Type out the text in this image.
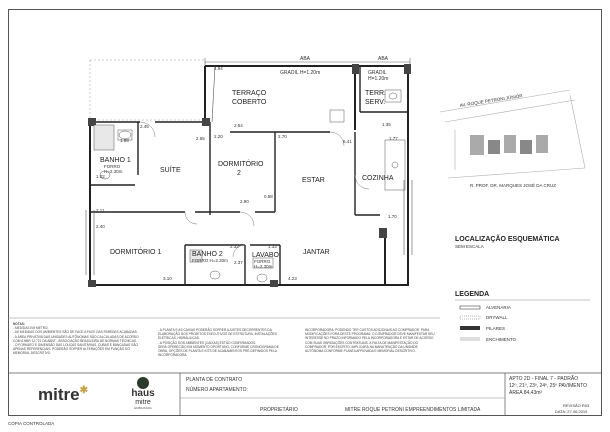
TERRAÇO
COBERTO
TERR.
SERV.
SUÍTE
DORMITÓRIO
2
ESTAR	COZINHA
DORMITÓRIO 1	JANTAR
BANHO 1
BANHO 2	LAVABO
ABA	ABA
GRADIL H=1.20m	GRADIL
H=1.20m
FORRO
H=2.30m
FORRO H=2.30m	FORRO
H=2.30m
4.94
2.45
2.65 2.20
2.54
2.70
5.41
1.77
1.35
2.11
2.90
1.70
2.40
3.10
2.32	1.33
4.23
2.37
1.02
0.98
1.88
AV. ROQUE PETRONI JÚNIOR
R. PROF. DR. MARQUES JOSÉ DA CRUZ
LOCALIZAÇÃO ESQUEMÁTICA
SEM ESCALA
LEGENDA
ALVENARIA
DRYWALL
PILARES
ENCHIMENTO
NOTAS:
- MEDIDAS EM METRO.
- AS MEDIDAS DOS AMBIENTES SÃO DE FACE A FACE DAS PAREDES ACABADAS.
- A ÁREA PRIVATIVA DAS UNIDADES AUTÔNOMAS SÃO CALCULADAS DE ACORDO
COM A NBR 12.721 DA ABNT - ASSOCIAÇÃO BRASILEIRA DE NORMAS TÉCNICAS.
- O FORMATO E DIMENSÃO DAS LOUÇAS SANITÁRIAS, CUBAS E BANCADAS SÃO
APENAS REFERENCIAIS. PODERÃO SOFRER ALTERAÇÕES EM FUNÇÃO DO
MEMORIAL DESCRITIVO.
- A PLANTA E AS CAIXAS PODERÃO SOFRER AJUSTES DECORRENTES DA
ELABORAÇÃO DOS PROJETOS EXECUTIVOS DE ESTRUTURA, INSTALAÇÕES
ELÉTRICAS, HIDRÁULICAS.
- A POSIÇÃO DOS AMBIENTES (CAIXAS) ESTÃO CONFIRMADOS.
SERÁ OFERECIDO EM MOMENTO OPORTUNO, CONFORME CRONOGRAMA DE
OBRA, OPÇÕES DE PLANTA E KITS DE ACABAMENTOS PRÉ-DEFINIDOS PELA
INCORPORADORA.
INCORPORADORA. PODENDO TER CUSTOS ADICIONAIS AO COMPRADOR. PARA
MODIFICAÇÕES FORA DESTE PROGRAMA, O COMPRADOR DEVE MANIFESTAR SEU
INTERESSE NO PRAZO INFORMADO PELA INCORPORADORA E ESTAR DE ACORDO
COM SUAS OBRIGAÇÕES CONTRATUAIS. A FALTA DE MANIFESTAÇÃO DO
COMPRADOR, POR ESCRITO, IMPLICARÁ NA MANUTENÇÃO DA UNIDADE
AUTÔNOMA CONFORME PLANTA APROVADA E MEMORIAL DESCRITIVO.
mitre✱	haus
mitre
EMBAIXADA
PLANTA DE CONTRATO
NÚMERO APARTAMENTO:
PROPRIETÁRIO	MITRE ROQUE PETRONI EMPREENDIMENTOS LIMITADA
APTO 2D - FINAL 7 - PADRÃO
12º, 21º, 23º, 24º, 25º PAVIMENTO
ÁREA 84,43m²
REVISÃO R03
DATA: 27.06.2019
CÓPIA CONTROLADA
